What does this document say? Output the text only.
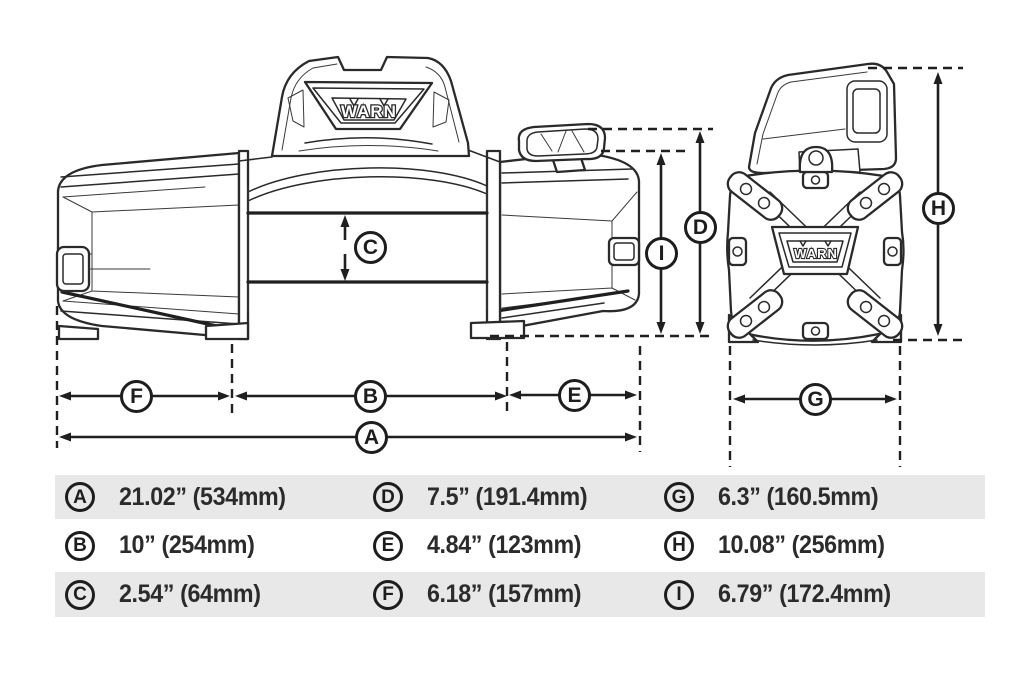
WARN
WARN
C	I
D
H
F	B	E
A
G
A	21.02” (534mm)	D	7.5” (191.4mm)	G	6.3” (160.5mm)
B	10” (254mm)	E	4.84” (123mm)	H	10.08” (256mm)
C	2.54” (64mm)	F	6.18” (157mm)	I	6.79” (172.4mm)
